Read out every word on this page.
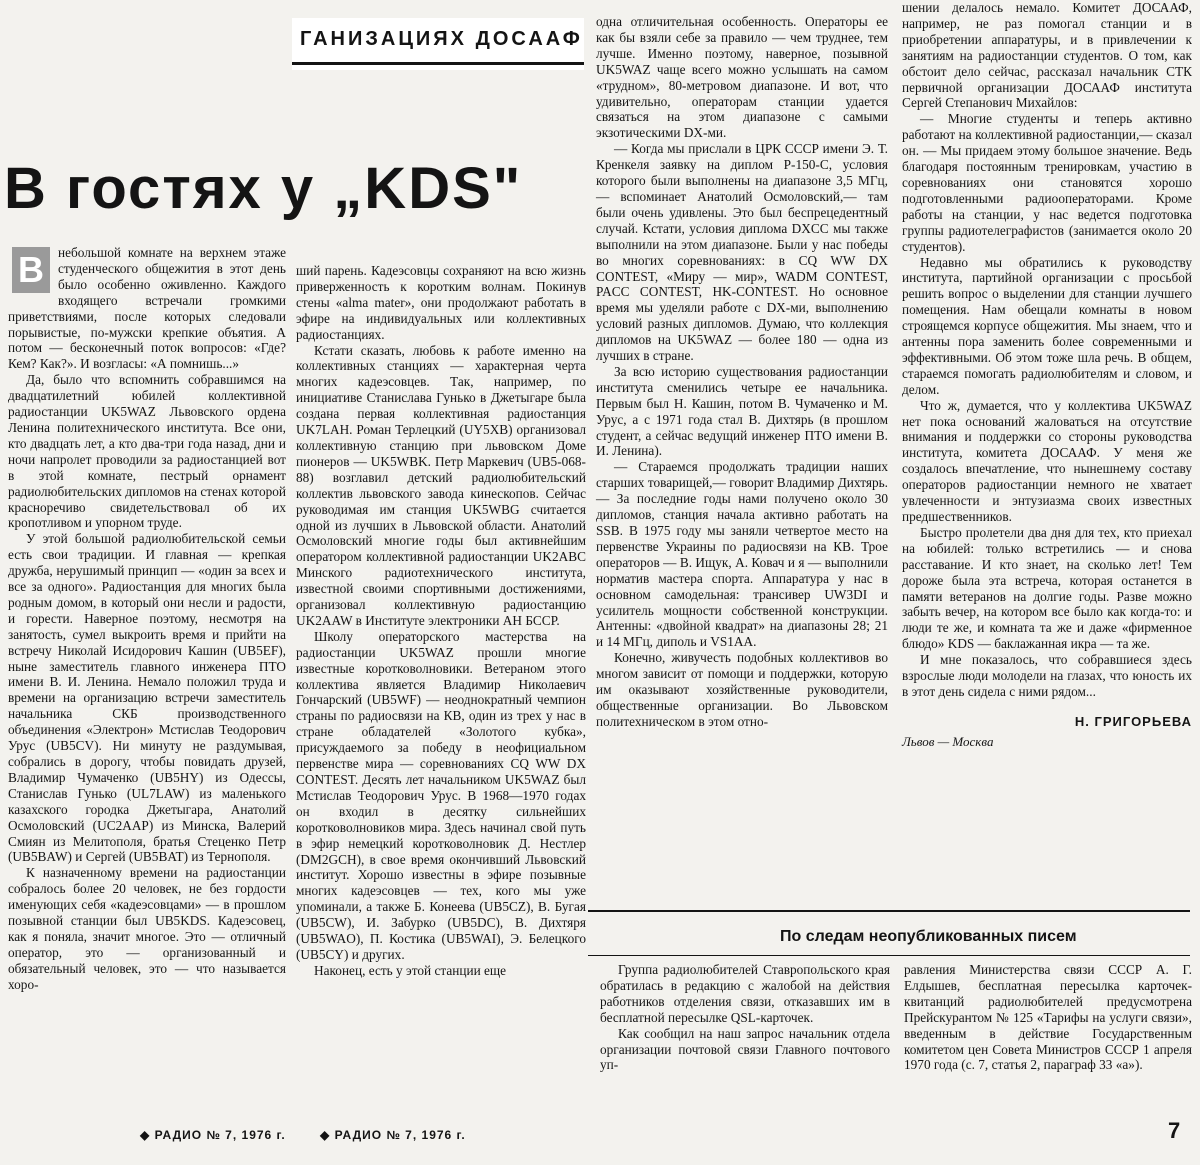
ГАНИЗАЦИЯХ ДОСААФ
В гостях у „KDS"
В	небольшой комнате на верхнем этаже студенческого общежития в этот день было особенно оживленно. Каждого входящего встречали громкими приветствиями, после которых следовали порывистые, по-мужски крепкие объятия. А потом — бесконечный поток вопросов: «Где? Кем? Как?». И возгласы: «А помнишь...»

Да, было что вспомнить собравшимся на двадцатилетний юбилей коллективной радиостанции UK5WAZ Львовского ордена Ленина политехнического института. Все они, кто двадцать лет, а кто два-три года назад, дни и ночи напролет проводили за радиостанцией вот в этой комнате, пестрый орнамент радиолюбительских дипломов на стенах которой красноречиво свидетельствовал об их кропотливом и упорном труде.

У этой большой радиолюбительской семьи есть свои традиции. И главная — крепкая дружба, нерушимый принцип — «один за всех и все за одного». Радиостанция для многих была родным домом, в который они несли и радости, и горести. Наверное поэтому, несмотря на занятость, сумел выкроить время и прийти на встречу Николай Исидорович Кашин (UB5EF), ныне заместитель главного инженера ПТО имени В. И. Ленина. Немало положил труда и времени на организацию встречи заместитель начальника СКБ производственного объединения «Электрон» Мстислав Теодорович Урус (UB5CV). Ни минуту не раздумывая, собрались в дорогу, чтобы повидать друзей, Владимир Чумаченко (UB5HY) из Одессы, Станислав Гунько (UL7LAW) из маленького казахского городка Джетыгара, Анатолий Осмоловский (UC2AAP) из Минска, Валерий Смиян из Мелитополя, братья Стеценко Петр (UB5BAW) и Сергей (UB5BAT) из Тернополя.

К назначенному времени на радиостанции собралось более 20 человек, не без гордости именующих себя «кадеэсовцами» — в прошлом позывной станции был UB5KDS. Кадеэсовец, как я поняла, значит многое. Это — отличный оператор, это — организованный и обязательный человек, это — что называется хоро-

ший парень. Кадеэсовцы сохраняют на всю жизнь приверженность к коротким волнам. Покинув стены «alma mater», они продолжают работать в эфире на индивидуальных или коллективных радиостанциях.

Кстати сказать, любовь к работе именно на коллективных станциях — характерная черта многих кадеэсовцев. Так, например, по инициативе Станислава Гунько в Джетыгаре была создана первая коллективная радиостанция UK7LAH. Роман Терлецкий (UY5XB) организовал коллективную станцию при львовском Доме пионеров — UK5WBK. Петр Маркевич (UB5-068-88) возглавил детский радиолюбительский коллектив львовского завода кинескопов. Сейчас руководимая им станция UK5WBG считается одной из лучших в Львовской области. Анатолий Осмоловский многие годы был активнейшим оператором коллективной радиостанции UK2ABC Минского радиотехнического института, известной своими спортивными достижениями, организовал коллективную радиостанцию UK2AAW в Институте электроники АН БССР.

Школу операторского мастерства на радиостанции UK5WAZ прошли многие известные коротковолновики. Ветераном этого коллектива является Владимир Николаевич Гончарский (UB5WF) — неоднократный чемпион страны по радиосвязи на КВ, один из трех у нас в стране обладателей «Золотого кубка», присуждаемого за победу в неофициальном первенстве мира — соревнованиях CQ WW DX CONTEST. Десять лет начальником UK5WAZ был Мстислав Теодорович Урус. В 1968—1970 годах он входил в десятку сильнейших коротковолновиков мира. Здесь начинал свой путь в эфир немецкий коротковолновик Д. Нестлер (DM2GCH), в свое время окончивший Львовский институт. Хорошо известны в эфире позывные многих кадеэсовцев — тех, кого мы уже упоминали, а также Б. Конеева (UB5CZ), В. Бугая (UB5CW), И. Забурко (UB5DC), В. Дихтяря (UB5WAO), П. Костика (UB5WAI), Э. Белецкого (UB5CY) и других.

Наконец, есть у этой станции еще

одна отличительная особенность. Операторы ее как бы взяли себе за правило — чем труднее, тем лучше. Именно поэтому, наверное, позывной UK5WAZ чаще всего можно услышать на самом «трудном», 80-метровом диапазоне. И вот, что удивительно, операторам станции удается связаться на этом диапазоне с самыми экзотическими DX-ми.

— Когда мы прислали в ЦРК СССР имени Э. Т. Кренкеля заявку на диплом Р-150-С, условия которого были выполнены на диапазоне 3,5 МГц,— вспоминает Анатолий Осмоловский,— там были очень удивлены. Это был беспрецедентный случай. Кстати, условия диплома DXCC мы также выполнили на этом диапазоне. Были у нас победы во многих соревнованиях: в CQ WW DX CONTEST, «Миру — мир», WADM CONTEST, PACC CONTEST, HK-CONTEST. Но основное время мы уделяли работе с DX-ми, выполнению условий разных дипломов. Думаю, что коллекция дипломов на UK5WAZ — более 180 — одна из лучших в стране.

За всю историю существования радиостанции института сменились четыре ее начальника. Первым был Н. Кашин, потом В. Чумаченко и М. Урус, а с 1971 года стал В. Дихтярь (в прошлом студент, а сейчас ведущий инженер ПТО имени В. И. Ленина).

— Стараемся продолжать традиции наших старших товарищей,— говорит Владимир Дихтярь. — За последние годы нами получено около 30 дипломов, станция начала активно работать на SSB. В 1975 году мы заняли четвертое место на первенстве Украины по радиосвязи на КВ. Трое операторов — В. Ищук, А. Ковач и я — выполнили норматив мастера спорта. Аппаратура у нас в основном самодельная: трансивер UW3DI и усилитель мощности собственной конструкции. Антенны: «двойной квадрат» на диапазоны 28; 21 и 14 МГц, диполь и VS1AA.

Конечно, живучесть подобных коллективов во многом зависит от помощи и поддержки, которую им оказывают хозяйственные руководители, общественные организации. Во Львовском политехническом в этом отно-

шении делалось немало. Комитет ДОСААФ, например, не раз помогал станции и в приобретении аппаратуры, и в привлечении к занятиям на радиостанции студентов. О том, как обстоит дело сейчас, рассказал начальник СТК первичной организации ДОСААФ института Сергей Степанович Михайлов:

— Многие студенты и теперь активно работают на коллективной радиостанции,— сказал он. — Мы придаем этому большое значение. Ведь благодаря постоянным тренировкам, участию в соревнованиях они становятся хорошо подготовленными радиооператорами. Кроме работы на станции, у нас ведется подготовка группы радиотелеграфистов (занимается около 20 студентов).

Недавно мы обратились к руководству института, партийной организации с просьбой решить вопрос о выделении для станции лучшего помещения. Нам обещали комнаты в новом строящемся корпусе общежития. Мы знаем, что и антенны пора заменить более современными и эффективными. Об этом тоже шла речь. В общем, стараемся помогать радиолюбителям и словом, и делом.

Что ж, думается, что у коллектива UK5WAZ нет пока оснований жаловаться на отсутствие внимания и поддержки со стороны руководства института, комитета ДОСААФ. У меня же создалось впечатление, что нынешнему составу операторов радиостанции немного не хватает увлеченности и энтузиазма своих известных предшественников.

Быстро пролетели два дня для тех, кто приехал на юбилей: только встретились — и снова расставание. И кто знает, на сколько лет! Тем дороже была эта встреча, которая останется в памяти ветеранов на долгие годы. Разве можно забыть вечер, на котором все было как когда-то: и люди те же, и комната та же и даже «фирменное блюдо» KDS — баклажанная икра — та же.

И мне показалось, что собравшиеся здесь взрослые люди молодели на глазах, что юность их в этот день сидела с ними рядом...

Н. ГРИГОРЬЕВА
Львов — Москва
По следам неопубликованных писем

Группа радиолюбителей Ставропольского края обратилась в редакцию с жалобой на действия работников отделения связи, отказавших им в бесплатной пересылке QSL-карточек.

Как сообщил на наш запрос начальник отдела организации почтовой связи Главного почтового уп-

равления Министерства связи СССР А. Г. Елдышев, бесплатная пересылка карточек-квитанций радиолюбителей предусмотрена Прейскурантом № 125 «Тарифы на услуги связи», введенным в действие Государственным комитетом цен Совета Министров СССР 1 апреля 1970 года (с. 7, статья 2, параграф 33 «а»).

◆ РАДИО № 7, 1976 г.	◆ РАДИО № 7, 1976 г.	7
